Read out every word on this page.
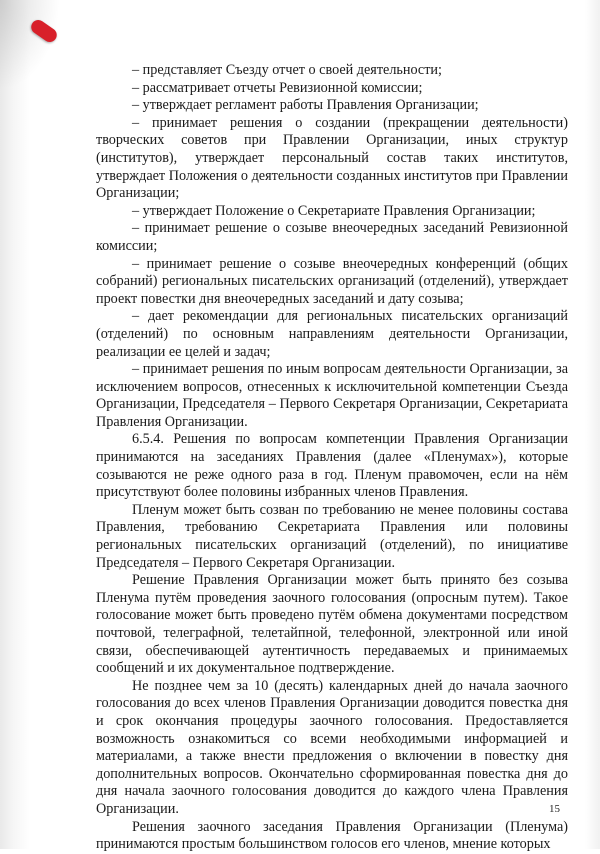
– представляет Съезду отчет о своей деятельности;

– рассматривает отчеты Ревизионной комиссии;

– утверждает регламент работы Правления Организации;

– принимает решения о создании (прекращении деятельности) творческих советов при Правлении Организации, иных структур (институтов), утверждает персональный состав таких институтов, утверждает Положения о деятельности созданных институтов при Правлении Организации;

– утверждает Положение о Секретариате Правления Организации;

– принимает решение о созыве внеочередных заседаний Ревизионной комиссии;

– принимает решение о созыве внеочередных конференций (общих собраний) региональных писательских организаций (отделений), утверждает проект повестки дня внеочередных заседаний и дату созыва;

– дает рекомендации для региональных писательских организаций (отделений) по основным направлениям деятельности Организации, реализации ее целей и задач;

– принимает решения по иным вопросам деятельности Организации, за исключением вопросов, отнесенных к исключительной компетенции Съезда Организации, Председателя – Первого Секретаря Организации, Секретариата Правления Организации.

6.5.4. Решения по вопросам компетенции Правления Организации принимаются на заседаниях Правления (далее «Пленумах»), которые созываются не реже одного раза в год. Пленум правомочен, если на нём присутствуют более половины избранных членов Правления.

Пленум может быть созван по требованию не менее половины состава Правления, требованию Секретариата Правления или половины региональных писательских организаций (отделений), по инициативе Председателя – Первого Секретаря Организации.

Решение Правления Организации может быть принято без созыва Пленума путём проведения заочного голосования (опросным путем). Такое голосование может быть проведено путём обмена документами посредством почтовой, телеграфной, телетайпной, телефонной, электронной или иной связи, обеспечивающей аутентичность передаваемых и принимаемых сообщений и их документальное подтверждение.

Не позднее чем за 10 (десять) календарных дней до начала заочного голосования до всех членов Правления Организации доводится повестка дня и срок окончания процедуры заочного голосования. Предоставляется возможность ознакомиться со всеми необходимыми информацией и материалами, а также внести предложения о включении в повестку дня дополнительных вопросов. Окончательно сформированная повестка дня до дня начала заочного голосования доводится до каждого члена Правления Организации.

Решения заочного заседания Правления Организации (Пленума) принимаются простым большинством голосов его членов, мнение которых

15
